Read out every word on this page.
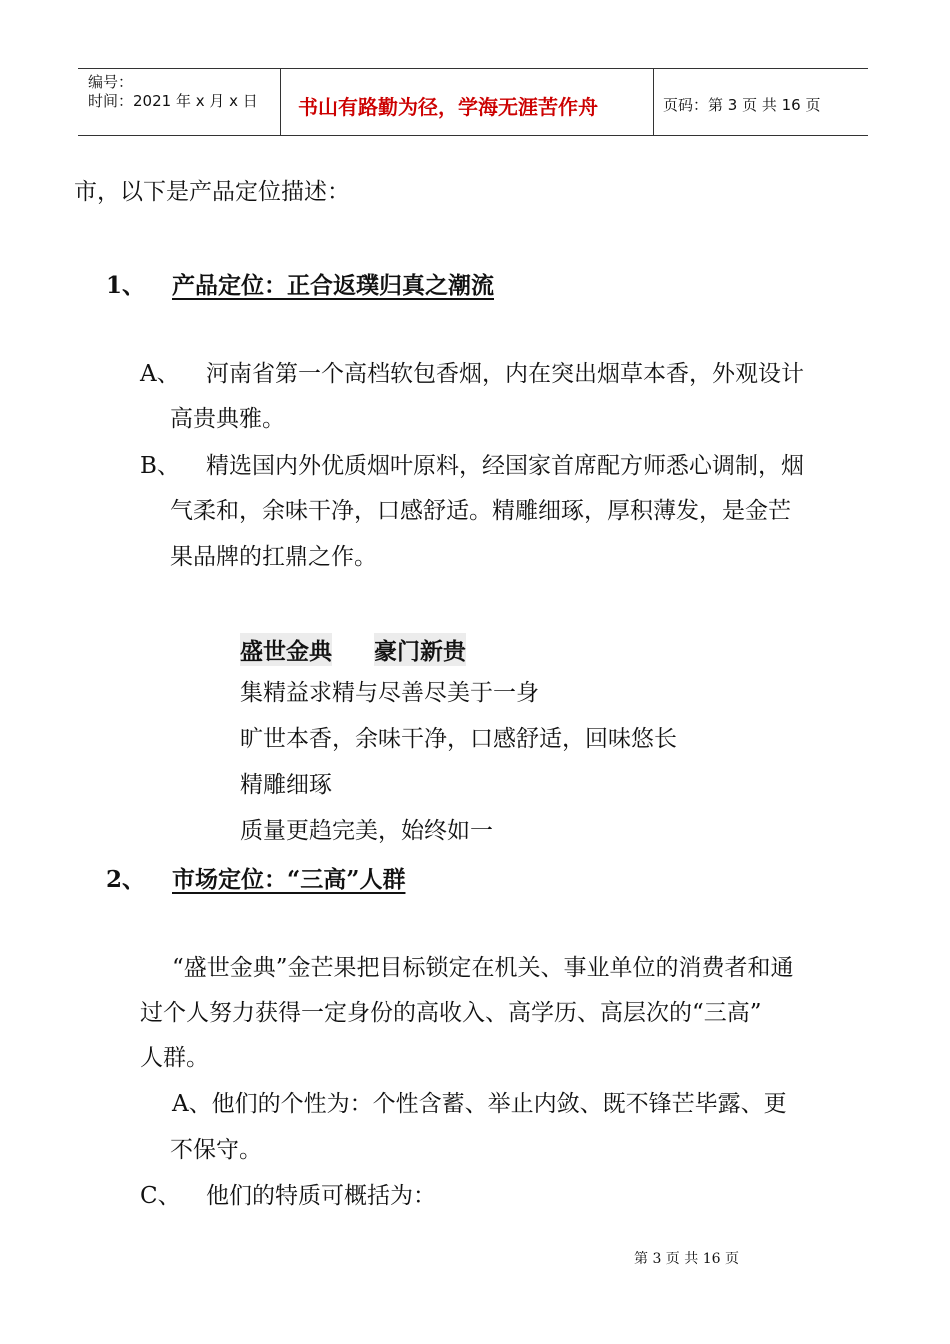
编号：
时间：2021 年 x 月 x 日 书山有路勤为径，学海无涯苦作舟	页码：第 3 页 共 16 页
市，以下是产品定位描述：
1、 产品定位：正合返璞归真之潮流
A、 河南省第一个高档软包香烟，内在突出烟草本香，外观设计
高贵典雅。
B、 精选国内外优质烟叶原料，经国家首席配方师悉心调制，烟
气柔和，余味干净，口感舒适。精雕细琢，厚积薄发，是金芒
果品牌的扛鼎之作。
盛世金典 豪门新贵
集精益求精与尽善尽美于一身
旷世本香，余味干净，口感舒适，回味悠长
精雕细琢
质量更趋完美，始终如一
2、 市场定位：“三高”人群
“盛世金典”金芒果把目标锁定在机关、事业单位的消费者和通
过个人努力获得一定身份的高收入、高学历、高层次的“三高”
人群。
A、他们的个性为：个性含蓄、举止内敛、既不锋芒毕露、更
不保守。
C、 他们的特质可概括为：
第 3 页 共 16 页
